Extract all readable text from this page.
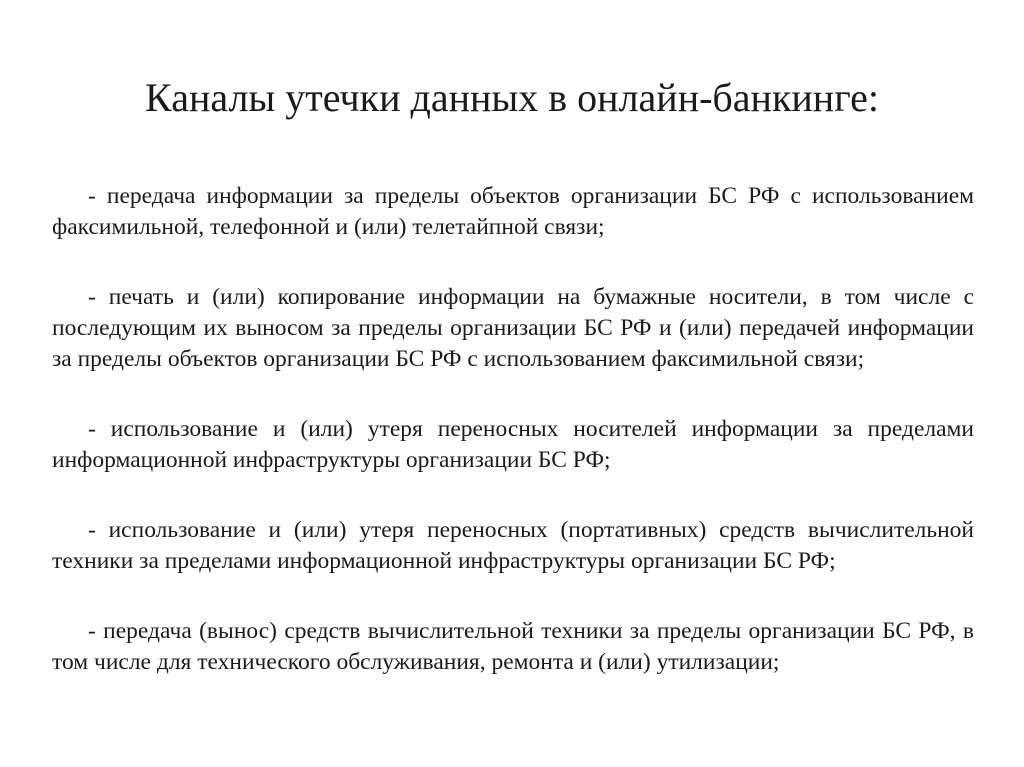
Каналы утечки данных в онлайн-банкинге:

- передача информации за пределы объектов организации БС РФ с использованием факсимильной, телефонной и (или) телетайпной связи;

- печать и (или) копирование информации на бумажные носители, в том числе с последующим их выносом за пределы организации БС РФ и (или) передачей информации за пределы объектов организации БС РФ с использованием факсимильной связи;

- использование и (или) утеря переносных носителей информации за пределами информационной инфраструктуры организации БС РФ;

- использование и (или) утеря переносных (портативных) средств вычислительной техники за пределами информационной инфраструктуры организации БС РФ;

- передача (вынос) средств вычислительной техники за пределы организации БС РФ, в том числе для технического обслуживания, ремонта и (или) утилизации;
